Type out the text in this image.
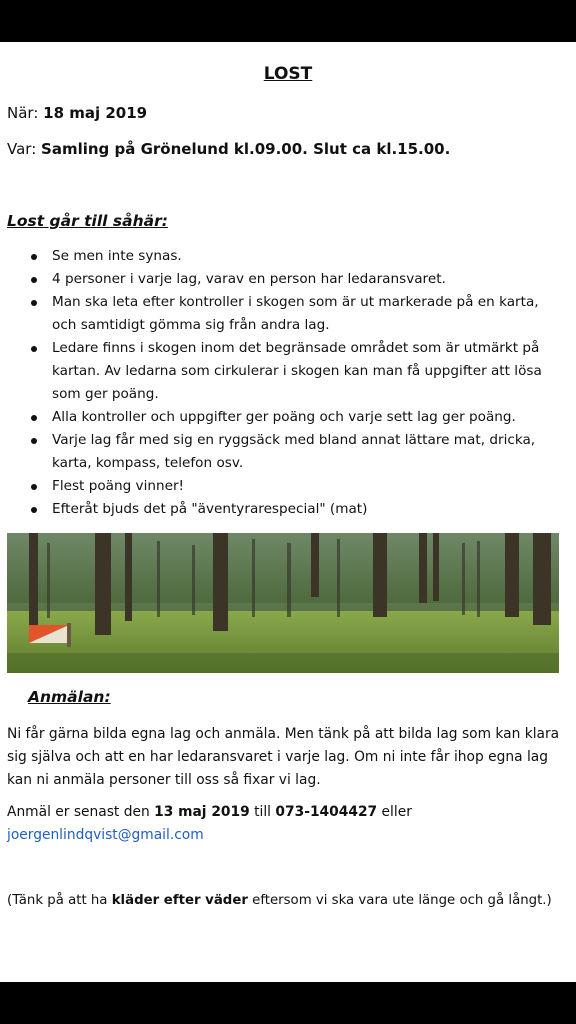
LOST
När: 18 maj 2019
Var: Samling på Grönelund kl.09.00. Slut ca kl.15.00.
Lost går till såhär:
Se men inte synas.
4 personer i varje lag, varav en person har ledaransvaret.
Man ska leta efter kontroller i skogen som är ut markerade på en karta, och samtidigt gömma sig från andra lag.
Ledare finns i skogen inom det begränsade området som är utmärkt på kartan. Av ledarna som cirkulerar i skogen kan man få uppgifter att lösa som ger poäng.
Alla kontroller och uppgifter ger poäng och varje sett lag ger poäng.
Varje lag får med sig en ryggsäck med bland annat lättare mat, dricka, karta, kompass, telefon osv.
Flest poäng vinner!
Efteråt bjuds det på "äventyrarespecial" (mat)
Anmälan:
Ni får gärna bilda egna lag och anmäla. Men tänk på att bilda lag som kan klara sig själva och att en har ledaransvaret i varje lag. Om ni inte får ihop egna lag kan ni anmäla personer till oss så fixar vi lag.
Anmäl er senast den 13 maj 2019 till 073-1404427 eller
joergenlindqvist@gmail.com
(Tänk på att ha kläder efter väder eftersom vi ska vara ute länge och gå långt.)
